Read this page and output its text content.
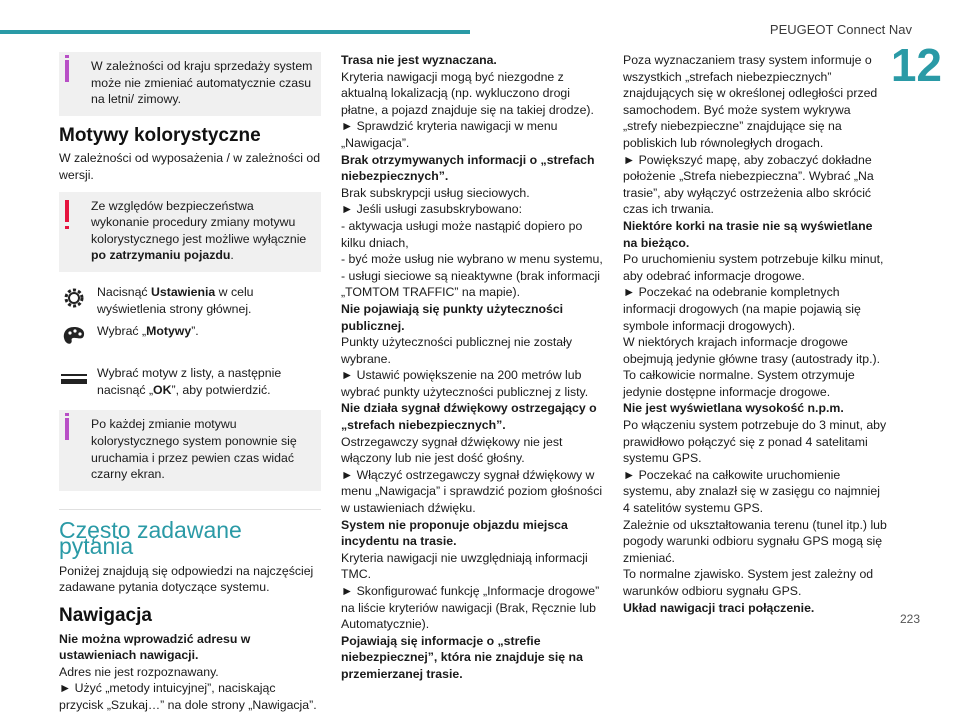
PEUGEOT Connect Nav
12
223

W zależności od kraju sprzedaży system może nie zmieniać automatycznie czasu na letni/ zimowy.

Motywy kolorystyczne

W zależności od wyposażenia / w zależności od wersji.

Ze względów bezpieczeństwa wykonanie procedury zmiany motywu kolorystycznego jest możliwe wyłącznie po zatrzymaniu pojazdu.

Nacisnąć Ustawienia w celu wyświetlenia strony głównej.

Wybrać „Motywy”.

Wybrać motyw z listy, a następnie nacisnąć „OK”, aby potwierdzić.

Po każdej zmianie motywu kolorystycznego system ponownie się uruchamia i przez pewien czas widać czarny ekran.

Często zadawane pytania

Poniżej znajdują się odpowiedzi na najczęściej zadawane pytania dotyczące systemu.

Nawigacja

Nie można wprowadzić adresu w ustawieniach nawigacji.

Adres nie jest rozpoznawany.

► Użyć „metody intuicyjnej”, naciskając przycisk „Szukaj…” na dole strony „Nawigacja”.

Trasa nie jest wyznaczana.

Kryteria nawigacji mogą być niezgodne z aktualną lokalizacją (np. wykluczono drogi płatne, a pojazd znajduje się na takiej drodze).

► Sprawdzić kryteria nawigacji w menu „Nawigacja”.

Brak otrzymywanych informacji o „strefach niebezpiecznych”.

Brak subskrypcji usług sieciowych.

► Jeśli usługi zasubskrybowano:

- aktywacja usługi może nastąpić dopiero po kilku dniach,

- być może usług nie wybrano w menu systemu,

- usługi sieciowe są nieaktywne (brak informacji „TOMTOM TRAFFIC” na mapie).

Nie pojawiają się punkty użyteczności publicznej.

Punkty użyteczności publicznej nie zostały wybrane.

► Ustawić powiększenie na 200 metrów lub wybrać punkty użyteczności publicznej z listy.

Nie działa sygnał dźwiękowy ostrzegający o „strefach niebezpiecznych”.

Ostrzegawczy sygnał dźwiękowy nie jest włączony lub nie jest dość głośny.

► Włączyć ostrzegawczy sygnał dźwiękowy w menu „Nawigacja” i sprawdzić poziom głośności w ustawieniach dźwięku.

System nie proponuje objazdu miejsca incydentu na trasie.

Kryteria nawigacji nie uwzględniają informacji TMC.

► Skonfigurować funkcję „Informacje drogowe” na liście kryteriów nawigacji (Brak, Ręcznie lub Automatycznie).

Pojawiają się informacje o „strefie niebezpiecznej”, która nie znajduje się na przemierzanej trasie.

Poza wyznaczaniem trasy system informuje o wszystkich „strefach niebezpiecznych” znajdujących się w określonej odległości przed samochodem. Być może system wykrywa „strefy niebezpieczne” znajdujące się na pobliskich lub równoległych drogach.

► Powiększyć mapę, aby zobaczyć dokładne położenie „Strefa niebezpieczna”. Wybrać „Na trasie”, aby wyłączyć ostrzeżenia albo skrócić czas ich trwania.

Niektóre korki na trasie nie są wyświetlane na bieżąco.

Po uruchomieniu system potrzebuje kilku minut, aby odebrać informacje drogowe.

► Poczekać na odebranie kompletnych informacji drogowych (na mapie pojawią się symbole informacji drogowych).

W niektórych krajach informacje drogowe obejmują jedynie główne trasy (autostrady itp.).

To całkowicie normalne. System otrzymuje jedynie dostępne informacje drogowe.

Nie jest wyświetlana wysokość n.p.m.

Po włączeniu system potrzebuje do 3 minut, aby prawidłowo połączyć się z ponad 4 satelitami systemu GPS.

► Poczekać na całkowite uruchomienie systemu, aby znalazł się w zasięgu co najmniej 4 satelitów systemu GPS.

Zależnie od ukształtowania terenu (tunel itp.) lub pogody warunki odbioru sygnału GPS mogą się zmieniać.

To normalne zjawisko. System jest zależny od warunków odbioru sygnału GPS.

Układ nawigacji traci połączenie.
